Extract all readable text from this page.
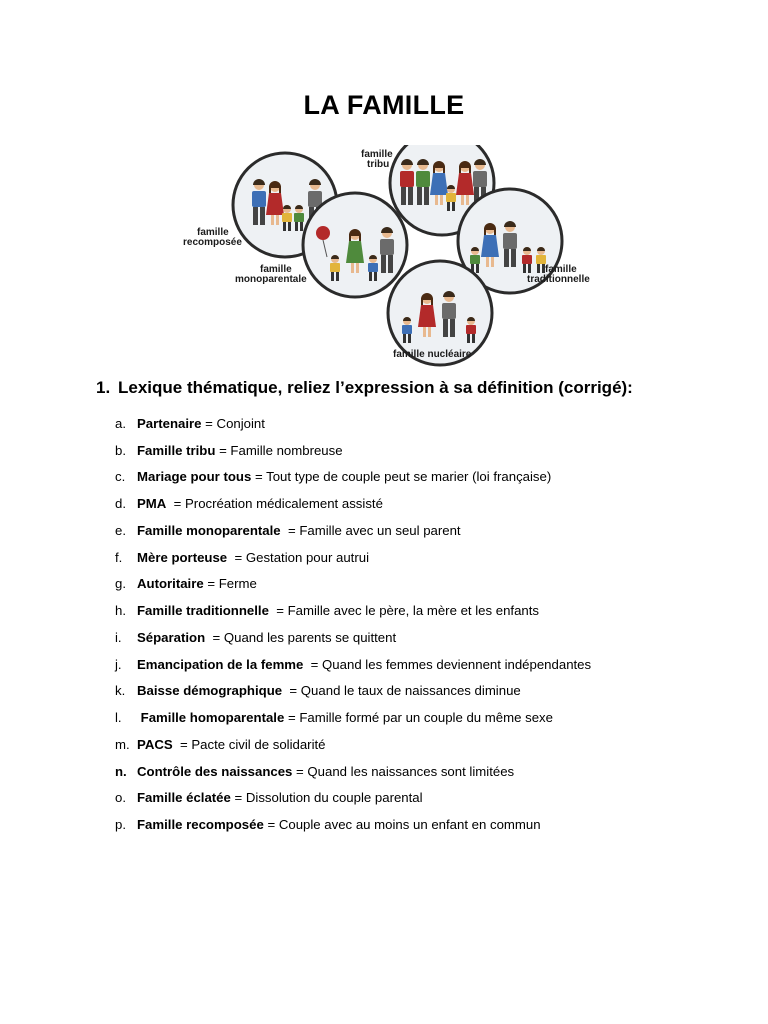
LA FAMILLE
famille
tribu
famille
recomposée
famille
monoparentale
famille
traditionnelle
famille nucléaire
1. Lexique thématique, reliez l’expression à sa définition (corrigé):
a. Partenaire = Conjoint
b. Famille tribu = Famille nombreuse
c. Mariage pour tous = Tout type de couple peut se marier (loi française)
d. PMA  = Procréation médicalement assisté
e. Famille monoparentale  = Famille avec un seul parent
f. Mère porteuse  = Gestation pour autrui
g. Autoritaire = Ferme
h. Famille traditionnelle  = Famille avec le père, la mère et les enfants
i. Séparation  = Quand les parents se quittent
j. Emancipation de la femme  = Quand les femmes deviennent indépendantes
k. Baisse démographique  = Quand le taux de naissances diminue
l. Famille homoparentale = Famille formé par un couple du même sexe
m. PACS  = Pacte civil de solidarité
n. Contrôle des naissances = Quand les naissances sont limitées
o. Famille éclatée = Dissolution du couple parental
p. Famille recomposée = Couple avec au moins un enfant en commun
